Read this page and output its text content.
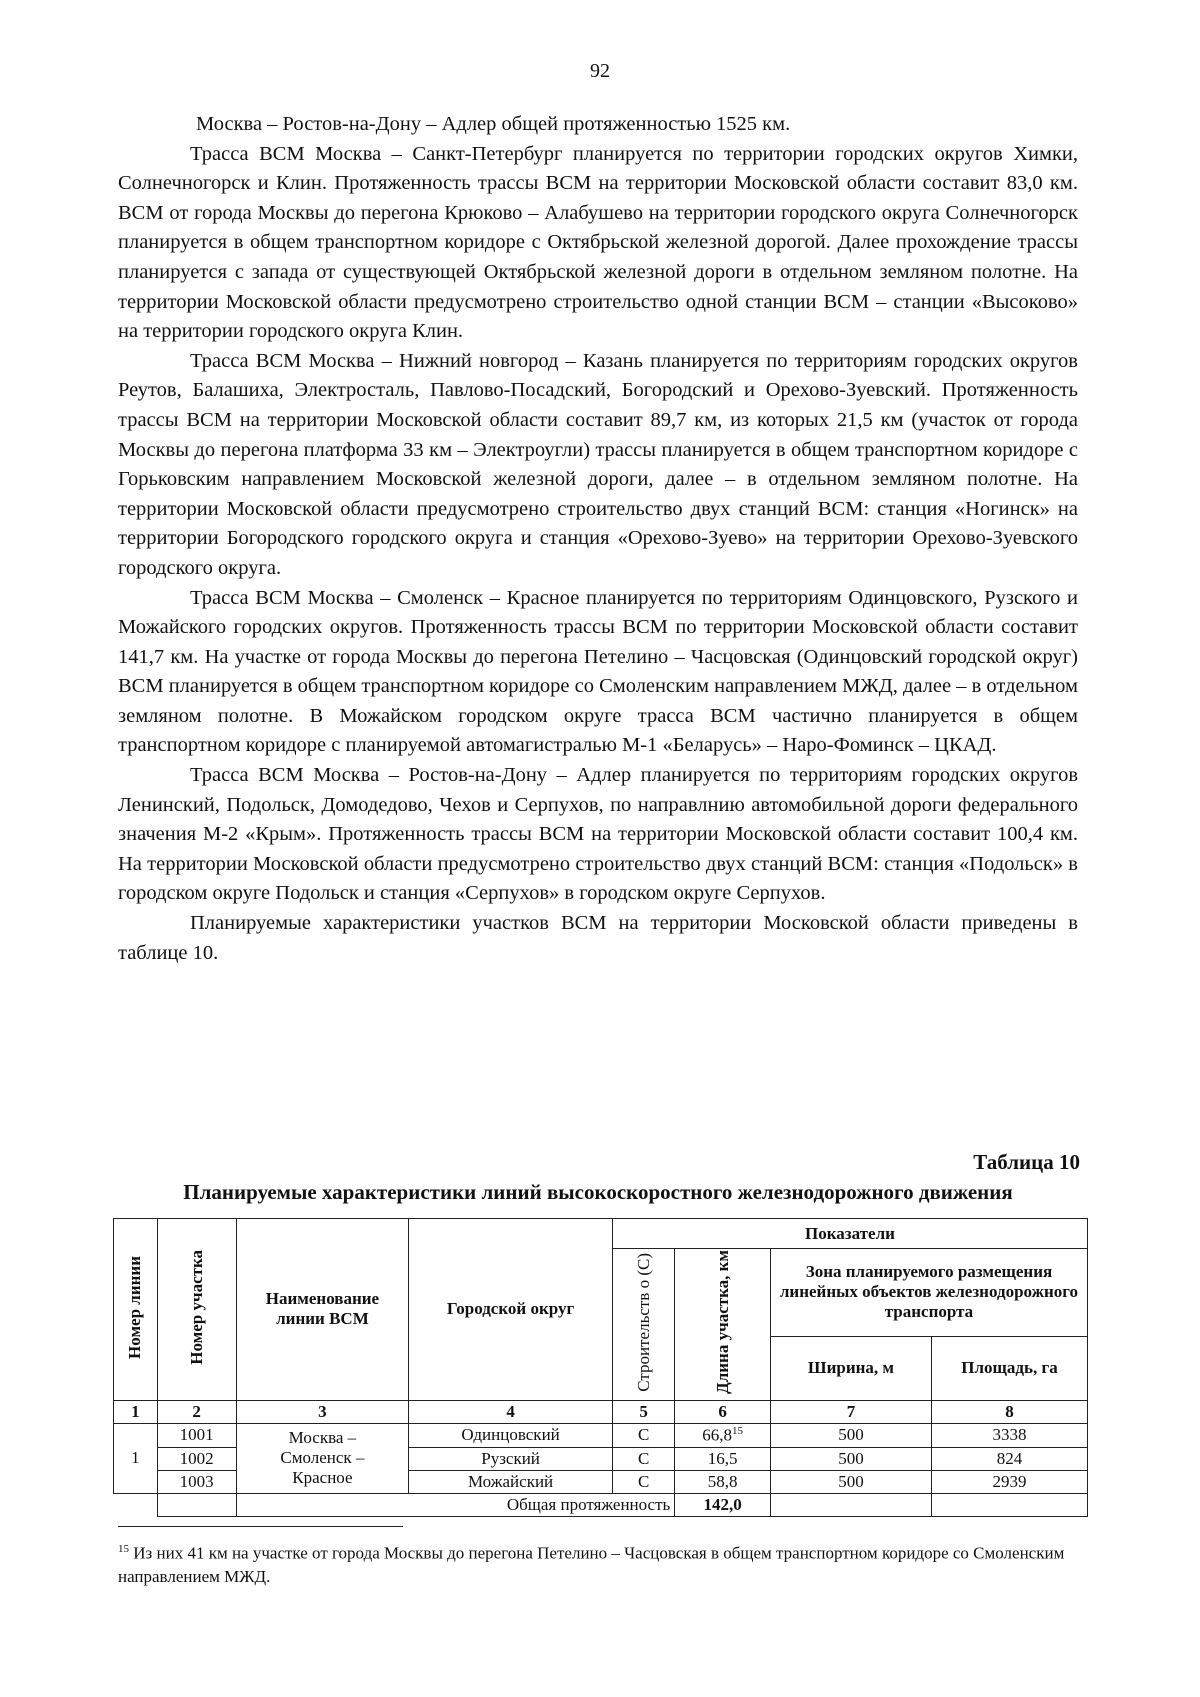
92

Москва – Ростов-на-Дону – Адлер общей протяженностью 1525 км.

Трасса ВСМ Москва – Санкт-Петербург планируется по территории городских округов Химки, Солнечногорск и Клин. Протяженность трассы ВСМ на территории Московской области составит 83,0 км. ВСМ от города Москвы до перегона Крюково – Алабушево на территории городского округа Солнечногорск планируется в общем транспортном коридоре с Октябрьской железной дорогой. Далее прохождение трассы планируется с запада от существующей Октябрьской железной дороги в отдельном земляном полотне. На территории Московской области предусмотрено строительство одной станции ВСМ – станции «Высоково» на территории городского округа Клин.

Трасса ВСМ Москва – Нижний новгород – Казань планируется по территориям городских округов Реутов, Балашиха, Электросталь, Павлово-Посадский, Богородский и Орехово-Зуевский. Протяженность трассы ВСМ на территории Московской области составит 89,7 км, из которых 21,5 км (участок от города Москвы до перегона платформа 33 км – Электроугли) трассы планируется в общем транспортном коридоре с Горьковским направлением Московской железной дороги, далее – в отдельном земляном полотне. На территории Московской области предусмотрено строительство двух станций ВСМ: станция «Ногинск» на территории Богородского городского округа и станция «Орехово-Зуево» на территории Орехово-Зуевского городского округа.

Трасса ВСМ Москва – Смоленск – Красное планируется по территориям Одинцовского, Рузского и Можайского городских округов. Протяженность трассы ВСМ по территории Московской области составит 141,7 км. На участке от города Москвы до перегона Петелино – Часцовская (Одинцовский городской округ) ВСМ планируется в общем транспортном коридоре со Смоленским направлением МЖД, далее – в отдельном земляном полотне. В Можайском городском округе трасса ВСМ частично планируется в общем транспортном коридоре с планируемой автомагистралью М-1 «Беларусь» – Наро-Фоминск – ЦКАД.

Трасса ВСМ Москва – Ростов-на-Дону – Адлер планируется по территориям городских округов Ленинский, Подольск, Домодедово, Чехов и Серпухов, по направлнию автомобильной дороги федерального значения М-2 «Крым». Протяженность трассы ВСМ на территории Московской области составит 100,4 км. На территории Московской области предусмотрено строительство двух станций ВСМ: станция «Подольск» в городском округе Подольск и станция «Серпухов» в городском округе Серпухов.

Планируемые характеристики участков ВСМ на территории Московской области приведены в таблице 10.

Таблица 10
Планируемые характеристики линий высокоскоростного железнодорожного движения
Номер линии	Номер участка	Наименование линии ВСМ	Городской округ	Показатели			
				Строительств о (С)	Длина участка, км	Зона планируемого размещения линейных объектов железнодорожного транспорта	
						Ширина, м	Площадь, га
1	2	3	4	5	6	7	8
1	1001	Москва –
Смоленск –
Красное	Одинцовский	С	66,8$^{15}$	500	3338
	1002		Рузский	С	16,5	500	824
	1003		Можайский	С	58,8	500	2939
		Общая протяженность			142,0		
$^{15}$ Из них 41 км на участке от города Москвы до перегона Петелино – Часцовская в общем транспортном коридоре со Смоленским направлением МЖД.
